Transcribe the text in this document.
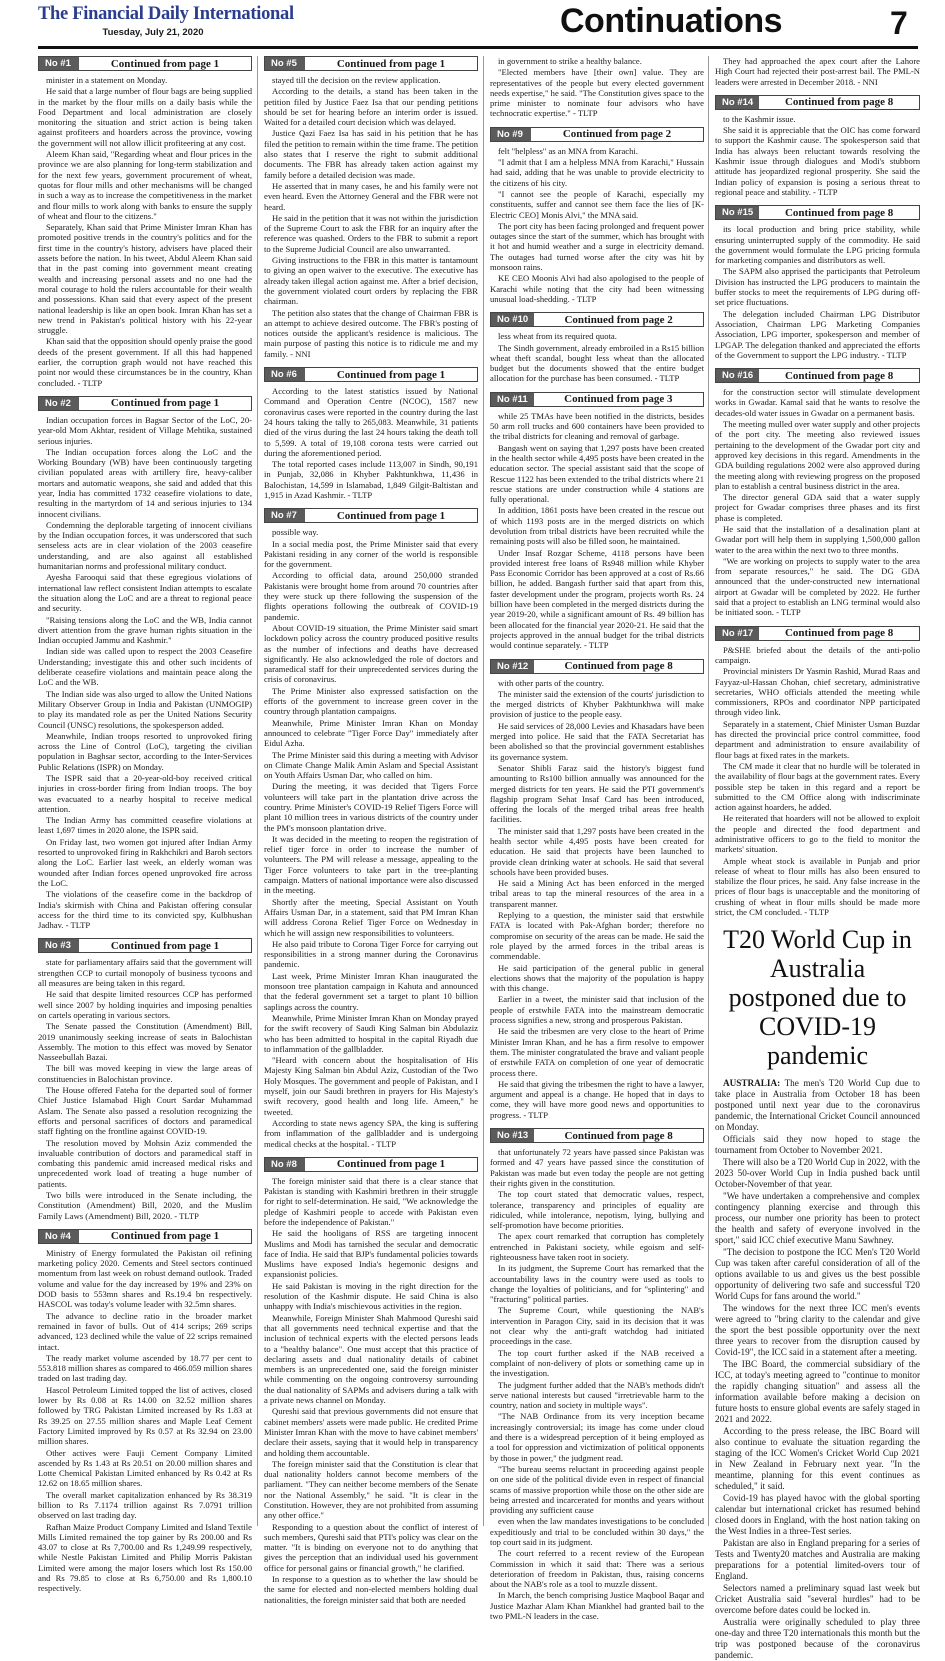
The Financial Daily International
Tuesday, July 21, 2020	Continuations	7
No #1	Continued from page 1

minister in a statement on Monday.

He said that a large number of flour bags are being supplied in the market by the flour mills on a daily basis while the Food Department and local administration are closely monitoring the situation and strict action is being taken against profiteers and hoarders across the province, vowing the government will not allow illicit profiteering at any cost.

Aleem Khan said, "Regarding wheat and flour prices in the province we are also planning for long-term stabilization and for the next few years, government procurement of wheat, quotas for flour mills and other mechanisms will be changed in such a way as to increase the competitiveness in the market and flour mills to work along with banks to ensure the supply of wheat and flour to the citizens."

Separately, Khan said that Prime Minister Imran Khan has promoted positive trends in the country's politics and for the first time in the country's history, advisers have placed their assets before the nation. In his tweet, Abdul Aleem Khan said that in the past coming into government meant creating wealth and increasing personal assets and no one had the moral courage to hold the rulers accountable for their wealth and possessions. Khan said that every aspect of the present national leadership is like an open book. Imran Khan has set a new trend in Pakistan's political history with his 22-year struggle.

Khan said that the opposition should openly praise the good deeds of the present government. If all this had happened earlier, the corruption graph would not have reached this point nor would these circumstances be in the country, Khan concluded. - TLTP

No #2	Continued from page 1

Indian occupation forces in Bagsar Sector of the LoC, 20-year-old Mom Akhtar, resident of Village Mehtika, sustained serious injuries.

The Indian occupation forces along the LoC and the Working Boundary (WB) have been continuously targeting civilian populated areas with artillery fire, heavy-caliber mortars and automatic weapons, she said and added that this year, India has committed 1732 ceasefire violations to date, resulting in the martyrdom of 14 and serious injuries to 134 innocent civilians.

Condemning the deplorable targeting of innocent civilians by the Indian occupation forces, it was underscored that such senseless acts are in clear violation of the 2003 ceasefire understanding, and are also against all established humanitarian norms and professional military conduct.

Ayesha Farooqui said that these egregious violations of international law reflect consistent Indian attempts to escalate the situation along the LoC and are a threat to regional peace and security.

"Raising tensions along the LoC and the WB, India cannot divert attention from the grave human rights situation in the Indian occupied Jammu and Kashmir."

Indian side was called upon to respect the 2003 Ceasefire Understanding; investigate this and other such incidents of deliberate ceasefire violations and maintain peace along the LoC and the WB.

The Indian side was also urged to allow the United Nations Military Observer Group in India and Pakistan (UNMOGIP) to play its mandated role as per the United Nations Security Council (UNSC) resolutions, the spokesperson added.

Meanwhile, Indian troops resorted to unprovoked firing across the Line of Control (LoC), targeting the civilian population in Baghsar sector, according to the Inter-Services Public Relations (ISPR) on Monday.

The ISPR said that a 20-year-old-boy received critical injuries in cross-border firing from Indian troops. The boy was evacuated to a nearby hospital to receive medical attention.

The Indian Army has committed ceasefire violations at least 1,697 times in 2020 alone, the ISPR said.

On Friday last, two women got injured after Indian Army resorted to unprovoked firing in Rakhchikri and Baroh sectors along the LoC. Earlier last week, an elderly woman was wounded after Indian forces opened unprovoked fire across the LoC.

The violations of the ceasefire come in the backdrop of India's skirmish with China and Pakistan offering consular access for the third time to its convicted spy, Kulbhushan Jadhav. - TLTP

No #3	Continued from page 1

state for parliamentary affairs said that the government will strengthen CCP to curtail monopoly of business tycoons and all measures are being taken in this regard.

He said that despite limited resources CCP has performed well since 2007 by holding inquiries and imposing penalties on cartels operating in various sectors.

The Senate passed the Constitution (Amendment) Bill, 2019 unanimously seeking increase of seats in Balochistan Assembly. The motion to this effect was moved by Senator Nasseebullah Bazai.

The bill was moved keeping in view the large areas of constituencies in Balochistan province.

The House offered Fateha for the departed soul of former Chief Justice Islamabad High Court Sardar Muhammad Aslam. The Senate also passed a resolution recognizing the efforts and personal sacrifices of doctors and paramedical staff fighting on the frontline against COVID-19.

The resolution moved by Mohsin Aziz commended the invaluable contribution of doctors and paramedical staff in combating this pandemic amid increased medical risks and unprecedented work load of treating a huge number of patients.

Two bills were introduced in the Senate including, the Constitution (Amendment) Bill, 2020, and the Muslim Family Laws (Amendment) Bill, 2020. - TLTP

No #4	Continued from page 1

Ministry of Energy formulated the Pakistan oil refining marketing policy 2020. Cements and Steel sectors continued momentum from last week on robust demand outlook. Traded volume and value for the day increased by 19% and 23% on DOD basis to 553mn shares and Rs.19.4 bn respectively. HASCOL was today's volume leader with 32.5mn shares.

The advance to decline ratio in the broader market remained in favor of bulls. Out of 414 scrips; 269 scrips advanced, 123 declined while the value of 22 scrips remained intact.

The ready market volume ascended by 18.77 per cent to 553.818 million shares as compared to 466.059 million shares traded on last trading day.

Hascol Petroleum Limited topped the list of actives, closed lower by Rs 0.08 at Rs 14.00 on 32.52 million shares followed by TRG Pakistan Limited increased by Rs 1.83 at Rs 39.25 on 27.55 million shares and Maple Leaf Cement Factory Limited improved by Rs 0.57 at Rs 32.94 on 23.00 million shares.

Other actives were Fauji Cement Company Limited ascended by Rs 1.43 at Rs 20.51 on 20.00 million shares and Lotte Chemical Pakistan Limited enhanced by Rs 0.42 at Rs 12.62 on 18.65 million shares.

The overall market capitalization enhanced by Rs 38.319 billion to Rs 7.1174 trillion against Rs 7.0791 trillion observed on last trading day.

Rafhan Maize Product Company Limited and Island Textile Mills Limited remained the top gainer by Rs 200.00 and Rs 43.07 to close at Rs 7,700.00 and Rs 1,249.99 respectively, while Nestle Pakistan Limited and Philip Morris Pakistan Limited were among the major losers which lost Rs 150.00 and Rs 79.85 to close at Rs 6,750.00 and Rs 1,800.10 respectively.

No #5	Continued from page 1

stayed till the decision on the review application.

According to the details, a stand has been taken in the petition filed by Justice Faez Isa that our pending petitions should be set for hearing before an interim order is issued. Waited for a detailed court decision which was delayed.

Justice Qazi Faez Isa has said in his petition that he has filed the petition to remain within the time frame. The petition also states that I reserve the right to submit additional documents. The FBR has already taken action against my family before a detailed decision was made.

He asserted that in many cases, he and his family were not even heard. Even the Attorney General and the FBR were not heard.

He said in the petition that it was not within the jurisdiction of the Supreme Court to ask the FBR for an inquiry after the reference was quashed. Orders to the FBR to submit a report to the Supreme Judicial Council are also unwarranted.

Giving instructions to the FBR in this matter is tantamount to giving an open waiver to the executive. The executive has already taken illegal action against me. After a brief decision, the government violated court orders by replacing the FBR chairman.

The petition also states that the change of Chairman FBR is an attempt to achieve desired outcome. The FBR's posting of notices outside the applicant's residence is malicious. The main purpose of pasting this notice is to ridicule me and my family. - NNI

No #6	Continued from page 1

According to the latest statistics issued by National Command and Operation Centre (NCOC), 1587 new coronavirus cases were reported in the country during the last 24 hours taking the tally to 265,083. Meanwhile, 31 patients died of the virus during the last 24 hours taking the death toll to 5,599. A total of 19,108 corona tests were carried out during the aforementioned period.

The total reported cases include 113,007 in Sindh, 90,191 in Punjab, 32,086 in Khyber Pakhtunkhwa, 11,436 in Balochistan, 14,599 in Islamabad, 1,849 Gilgit-Baltistan and 1,915 in Azad Kashmir. - TLTP

No #7	Continued from page 1

possible way.

In a social media post, the Prime Minister said that every Pakistani residing in any corner of the world is responsible for the government.

According to official data, around 250,000 stranded Pakistanis were brought home from around 70 countries after they were stuck up there following the suspension of the flights operations following the outbreak of COVID-19 pandemic.

About COVID-19 situation, the Prime Minister said smart lockdown policy across the country produced positive results as the number of infections and deaths have decreased significantly. He also acknowledged the role of doctors and paramedical staff for their unprecedented services during the crisis of coronavirus.

The Prime Minister also expressed satisfaction on the efforts of the government to increase green cover in the country through plantation campaigns.

Meanwhile, Prime Minister Imran Khan on Monday announced to celebrate "Tiger Force Day" immediately after Eidul Azha.

The Prime Minister said this during a meeting with Advisor on Climate Change Malik Amin Aslam and Special Assistant on Youth Affairs Usman Dar, who called on him.

During the meeting, it was decided that Tigers Force volunteers will take part in the plantation drive across the country. Prime Minister's COVID-19 Relief Tigers Force will plant 10 million trees in various districts of the country under the PM's monsoon plantation drive.

It was decided in the meeting to reopen the registration of relief tiger force in order to increase the number of volunteers. The PM will release a message, appealing to the Tiger Force volunteers to take part in the tree-planting campaign. Matters of national importance were also discussed in the meeting.

Shortly after the meeting, Special Assistant on Youth Affairs Usman Dar, in a statement, said that PM Imran Khan will address Corona Relief Tiger Force on Wednesday in which he will assign new responsibilities to volunteers.

He also paid tribute to Corona Tiger Force for carrying out responsibilities in a strong manner during the Coronavirus pandemic.

Last week, Prime Minister Imran Khan inaugurated the monsoon tree plantation campaign in Kahuta and announced that the federal government set a target to plant 10 billion saplings across the country.

Meanwhile, Prime Minister Imran Khan on Monday prayed for the swift recovery of Saudi King Salman bin Abdulaziz who has been admitted to hospital in the capital Riyadh due to inflammation of the gallbladder.

"Heard with concern about the hospitalisation of His Majesty King Salman bin Abdul Aziz, Custodian of the Two Holy Mosques. The government and people of Pakistan, and I myself, join our Saudi brethren in prayers for His Majesty's swift recovery, good health and long life. Ameen," he tweeted.

According to state news agency SPA, the king is suffering from inflammation of the gallbladder and is undergoing medical checks at the hospital. - TLTP

No #8	Continued from page 1

The foreign minister said that there is a clear stance that Pakistan is standing with Kashmiri brethren in their struggle for right to self-determination. He said, "We acknowledge the pledge of Kashmiri people to accede with Pakistan even before the independence of Pakistan."

He said the hooligans of RSS are targeting innocent Muslims and Modi has tarnished the secular and democratic face of India. He said that BJP's fundamental policies towards Muslims have exposed India's hegemonic designs and expansionist policies.

He said Pakistan is moving in the right direction for the resolution of the Kashmir dispute. He said China is also unhappy with India's mischievous activities in the region.

Meanwhile, Foreign Minister Shah Mahmood Qureshi said that all governments need technical expertise and that the inclusion of technical experts with the elected persons leads to a "healthy balance". One must accept that this practice of declaring assets and dual nationality details of cabinet members is an unprecedented one, said the foreign minister while commenting on the ongoing controversy surrounding the dual nationality of SAPMs and advisers during a talk with a private news channel on Monday.

Qureshi said that previous governments did not ensure that cabinet members' assets were made public. He credited Prime Minister Imran Khan with the move to have cabinet members' declare their assets, saying that it would help in transparency and holding them accountable.

The foreign minister said that the Constitution is clear that dual nationality holders cannot become members of the parliament. "They can neither become members of the Senate nor the National Assembly," he said. "It is clear in the Constitution. However, they are not prohibited from assuming any other office."

Responding to a question about the conflict of interest of such members, Qureshi said that PTI's policy was clear on the matter. "It is binding on everyone not to do anything that gives the perception that an individual used his government office for personal gains or financial growth," he clarified.

In response to a question as to whether the law should be the same for elected and non-elected members holding dual nationalities, the foreign minister said that both are needed

in government to strike a healthy balance.

"Elected members have [their own] value. They are representatives of the people but every elected government needs expertise," he said. "The Constitution gives space to the prime minister to nominate four advisors who have technocratic expertise." - TLTP

No #9	Continued from page 2

felt "helpless" as an MNA from Karachi.

"I admit that I am a helpless MNA from Karachi," Hussain had said, adding that he was unable to provide electricity to the citizens of his city.

"I cannot see the people of Karachi, especially my constituents, suffer and cannot see them face the lies of [K-Electric CEO] Monis Alvi," the MNA said.

The port city has been facing prolonged and frequent power outages since the start of the summer, which has brought with it hot and humid weather and a surge in electricity demand. The outages had turned worse after the city was hit by monsoon rains.

KE CEO Moonis Alvi had also apologised to the people of Karachi while noting that the city had been witnessing unusual load-shedding. - TLTP

No #10	Continued from page 2

less wheat from its required quota.

The Sindh government, already embroiled in a Rs15 billion wheat theft scandal, bought less wheat than the allocated budget but the documents showed that the entire budget allocation for the purchase has been consumed. - TLTP

No #11	Continued from page 3

while 25 TMAs have been notified in the districts, besides 50 arm roll trucks and 600 containers have been provided to the tribal districts for cleaning and removal of garbage.

Bangash went on saying that 1,297 posts have been created in the health sector while 4,495 posts have been created in the education sector. The special assistant said that the scope of Rescue 1122 has been extended to the tribal districts where 21 rescue stations are under construction while 4 stations are fully operational.

In addition, 1861 posts have been created in the rescue out of which 1193 posts are in the merged districts on which devolution from tribal districts have been recruited while the remaining posts will also be filled soon, he maintained.

Under Insaf Rozgar Scheme, 4118 persons have been provided interest free loans of Rs948 million while Khyber Pass Economic Corridor has been approved at a cost of Rs.66 billion, he added. Bangash further said that apart from this, faster development under the program, projects worth Rs. 24 billion have been completed in the merged districts during the year 2019-20, while a significant amount of Rs. 49 billion has been allocated for the financial year 2020-21. He said that the projects approved in the annual budget for the tribal districts would continue separately. - TLTP

No #12	Continued from page 8

with other parts of the country.

The minister said the extension of the courts' jurisdiction to the merged districts of Khyber Pakhtunkhwa will make provision of justice to the people easy.

He said services of 28,000 Levies and Khasadars have been merged into police. He said that the FATA Secretariat has been abolished so that the provincial government establishes its governance system.

Senator Shibli Faraz said the history's biggest fund amounting to Rs100 billion annually was announced for the merged districts for ten years. He said the PTI government's flagship program Sehat Insaf Card has been introduced, offering the locals of the merged tribal areas free health facilities.

The minister said that 1,297 posts have been created in the health sector while 4,495 posts have been created for education. He said that projects have been launched to provide clean drinking water at schools. He said that several schools have been provided buses.

He said a Mining Act has been enforced in the merged tribal areas to tap the mineral resources of the area in a transparent manner.

Replying to a question, the minister said that erstwhile FATA is located with Pak-Afghan border; therefore no compromise on security of the areas can be made. He said the role played by the armed forces in the tribal areas is commendable.

He said participation of the general public in general elections shows that the majority of the population is happy with this change.

Earlier in a tweet, the minister said that inclusion of the people of erstwhile FATA into the mainstream democratic process signifies a new, strong and prosperous Pakistan.

He said the tribesmen are very close to the heart of Prime Minister Imran Khan, and he has a firm resolve to empower them. The minister congratulated the brave and valiant people of erstwhile FATA on completion of one year of democratic process there.

He said that giving the tribesmen the right to have a lawyer, argument and appeal is a change. He hoped that in days to come, they will have more good news and opportunities to progress. - TLTP

No #13	Continued from page 8

that unfortunately 72 years have passed since Pakistan was formed and 47 years have passed since the constitution of Pakistan was made but even today the people are not getting their rights given in the constitution.

The top court stated that democratic values, respect, tolerance, transparency and principles of equality are ridiculed, while intolerance, nepotism, lying, bullying and self-promotion have become priorities.

The apex court remarked that corruption has completely entrenched in Pakistani society, while egoism and self-righteousness have taken root in society.

In its judgment, the Supreme Court has remarked that the accountability laws in the country were used as tools to change the loyalties of politicians, and for "splintering" and "fracturing" political parties.

The Supreme Court, while questioning the NAB's intervention in Paragon City, said in its decision that it was not clear why the anti-graft watchdog had initiated proceedings in the case.

The top court further asked if the NAB received a complaint of non-delivery of plots or something came up in the investigation.

The judgment further added that the NAB's methods didn't serve national interests but caused "irretrievable harm to the country, nation and society in multiple ways".

"The NAB Ordinance from its very inception became increasingly controversial; its image has come under cloud and there is a widespread perception of it being employed as a tool for oppression and victimization of political opponents by those in power," the judgment read.

"The bureau seems reluctant in proceeding against people on one side of the political divide even in respect of financial scams of massive proportion while those on the other side are being arrested and incarcerated for months and years without providing any sufficient cause

even when the law mandates investigations to be concluded expeditiously and trial to be concluded within 30 days," the top court said in its judgment.

The court referred to a recent review of the European Commission in which it said that: There was a serious deterioration of freedom in Pakistan, thus, raising concerns about the NAB's role as a tool to muzzle dissent.

In March, the bench comprising Justice Maqbool Baqar and Justice Mazhar Alam Khan Miankhel had granted bail to the two PML-N leaders in the case.

They had approached the apex court after the Lahore High Court had rejected their post-arrest bail. The PML-N leaders were arrested in December 2018. - NNI

No #14	Continued from page 8

to the Kashmir issue.

She said it is appreciable that the OIC has come forward to support the Kashmir cause. The spokesperson said that India has always been reluctant towards resolving the Kashmir issue through dialogues and Modi's stubborn attitude has jeopardized regional prosperity. She said the Indian policy of expansion is posing a serious threat to regional peace and stability. - TLTP

No #15	Continued from page 8

its local production and bring price stability, while ensuring uninterrupted supply of the commodity. He said the government would formulate the LPG pricing formula for marketing companies and distributors as well.

The SAPM also apprised the participants that Petroleum Division has instructed the LPG producers to maintain the buffer stocks to meet the requirements of LPG during off-set price fluctuations.

The delegation included Chairman LPG Distributor Association, Chairman LPG Marketing Companies Association, LPG importer, spokesperson and member of LPGAP. The delegation thanked and appreciated the efforts of the Government to support the LPG industry. - TLTP

No #16	Continued from page 8

for the construction sector will stimulate development works in Gwadar. Kamal said that he wants to resolve the decades-old water issues in Gwadar on a permanent basis.

The meeting mulled over water supply and other projects of the port city. The meeting also reviewed issues pertaining to the development of the Gwadar port city and approved key decisions in this regard. Amendments in the GDA building regulations 2002 were also approved during the meeting along with reviewing progress on the proposed plan to establish a central business district in the area.

The director general GDA said that a water supply project for Gwadar comprises three phases and its first phase is completed.

He said that the installation of a desalination plant at Gwadar port will help them in supplying 1,500,000 gallon water to the area within the next two to three months.

"We are working on projects to supply water to the area from separate resources," he said. The DG GDA announced that the under-constructed new international airport at Gwadar will be completed by 2022. He further said that a project to establish an LNG terminal would also be initiated soon. - TLTP

No #17	Continued from page 8

P&SHE briefed about the details of the anti-polio campaign.

Provincial ministers Dr Yasmin Rashid, Murad Raas and Fayyaz-ul-Hassan Chohan, chief secretary, administrative secretaries, WHO officials attended the meeting while commissioners, RPOs and coordinator NPP participated through video link.

Separately in a statement, Chief Minister Usman Buzdar has directed the provincial price control committee, food department and administration to ensure availability of flour bags at fixed rates in the markets.

The CM made it clear that no hurdle will be tolerated in the availability of flour bags at the government rates. Every possible step be taken in this regard and a report be submitted to the CM Office along with indiscriminate action against hoarders, he added.

He reiterated that hoarders will not be allowed to exploit the people and directed the food department and administrative officers to go to the field to monitor the markets' situation.

Ample wheat stock is available in Punjab and prior release of wheat to flour mills has also been ensured to stabilize the flour prices, he said. Any false increase in the prices of flour bags is unacceptable and the monitoring of crushing of wheat in flour mills should be made more strict, the CM concluded. - TLTP

T20 World Cup in Australia postponed due to COVID-19 pandemic

AUSTRALIA: The men's T20 World Cup due to take place in Australia from October 18 has been postponed until next year due to the coronavirus pandemic, the International Cricket Council announced on Monday.

Officials said they now hoped to stage the tournament from October to November 2021.

There will also be a T20 World Cup in 2022, with the 2023 50-over World Cup in India pushed back until October-November of that year.

"We have undertaken a comprehensive and complex contingency planning exercise and through this process, our number one priority has been to protect the health and safety of everyone involved in the sport," said ICC chief executive Manu Sawhney.

"The decision to postpone the ICC Men's T20 World Cup was taken after careful consideration of all of the options available to us and gives us the best possible opportunity of delivering two safe and successful T20 World Cups for fans around the world."

The windows for the next three ICC men's events were agreed to "bring clarity to the calendar and give the sport the best possible opportunity over the next three years to recover from the disruption caused by Covid-19", the ICC said in a statement after a meeting.

The IBC Board, the commercial subsidiary of the ICC, at today's meeting agreed to "continue to monitor the rapidly changing situation" and assess all the information available before making a decision on future hosts to ensure global events are safely staged in 2021 and 2022.

According to the press release, the IBC Board will also continue to evaluate the situation regarding the staging of the ICC Women's Cricket World Cup 2021 in New Zealand in February next year. "In the meantime, planning for this event continues as scheduled," it said.

Covid-19 has played havoc with the global sporting calendar but international cricket has resumed behind closed doors in England, with the host nation taking on the West Indies in a three-Test series.

Pakistan are also in England preparing for a series of Tests and Twenty20 matches and Australia are making preparations for a potential limited-overs tour of England.

Selectors named a preliminary squad last week but Cricket Australia said "several hurdles" had to be overcome before dates could be locked in.

Australia were originally scheduled to play three one-day and three T20 internationals this month but the trip was postponed because of the coronavirus pandemic.
